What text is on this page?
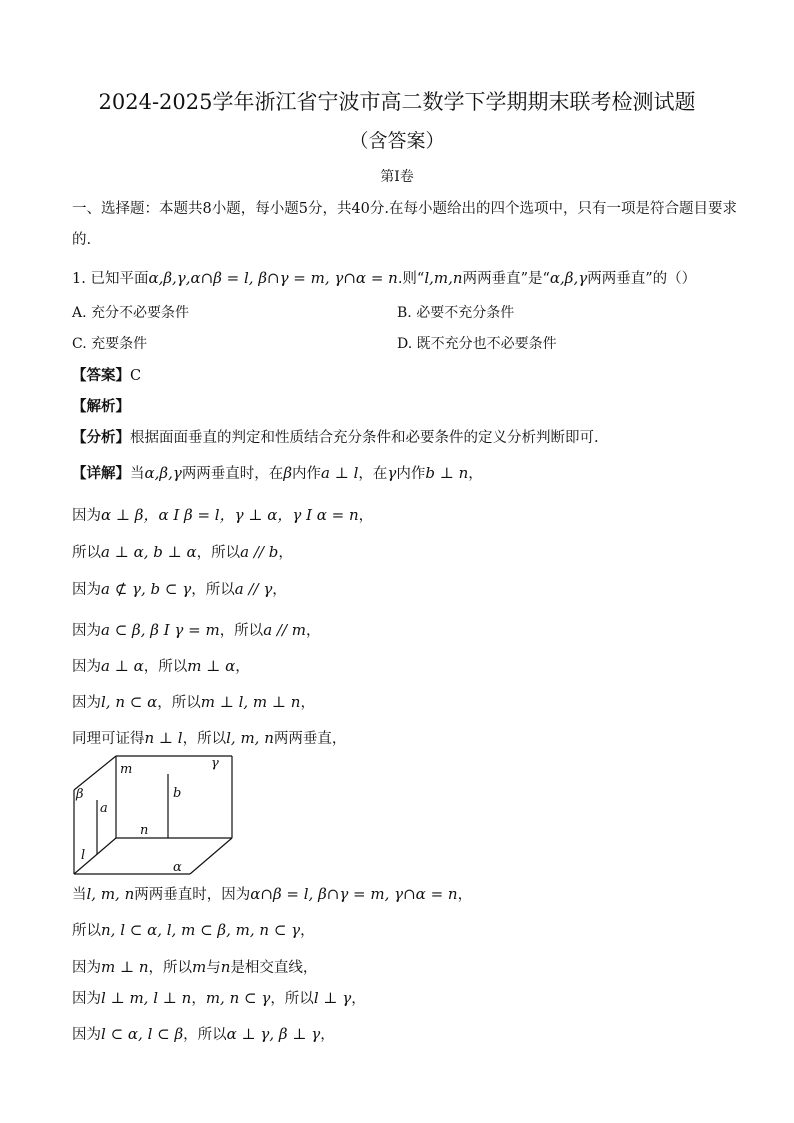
2024-2025学年浙江省宁波市高二数学下学期期末联考检测试题
（含答案）
第I卷
一、选择题：本题共8小题，每小题5分，共40分.在每小题给出的四个选项中，只有一项是符合题目要求
的.
1. 已知平面α,β,γ,α∩β = l, β∩γ = m, γ∩α = n.则“l,m,n两两垂直”是“α,β,γ两两垂直”的（）
A. 充分不必要条件	B. 必要不充分条件
C. 充要条件	D. 既不充分也不必要条件
【答案】C
【解析】
【分析】根据面面垂直的判定和性质结合充分条件和必要条件的定义分析判断即可.
【详解】当α,β,γ两两垂直时，在β内作a ⊥ l，在γ内作b ⊥ n，
因为α ⊥ β，α I β = l，γ ⊥ α，γ I α = n，
所以a ⊥ α, b ⊥ α，所以a // b，
因为a ⊄ γ, b ⊂ γ，所以a // γ，
因为a ⊂ β, β I γ = m，所以a // m，
因为a ⊥ α，所以m ⊥ α，
因为l, n ⊂ α，所以m ⊥ l, m ⊥ n，
同理可证得n ⊥ l，所以l, m, n两两垂直，
m	γ
β
a
b
n
l
α
当l, m, n两两垂直时，因为α∩β = l, β∩γ = m, γ∩α = n，
所以n, l ⊂ α, l, m ⊂ β, m, n ⊂ γ，
因为m ⊥ n，所以m与n是相交直线，
因为l ⊥ m, l ⊥ n，m, n ⊂ γ，所以l ⊥ γ，
因为l ⊂ α, l ⊂ β，所以α ⊥ γ, β ⊥ γ，
